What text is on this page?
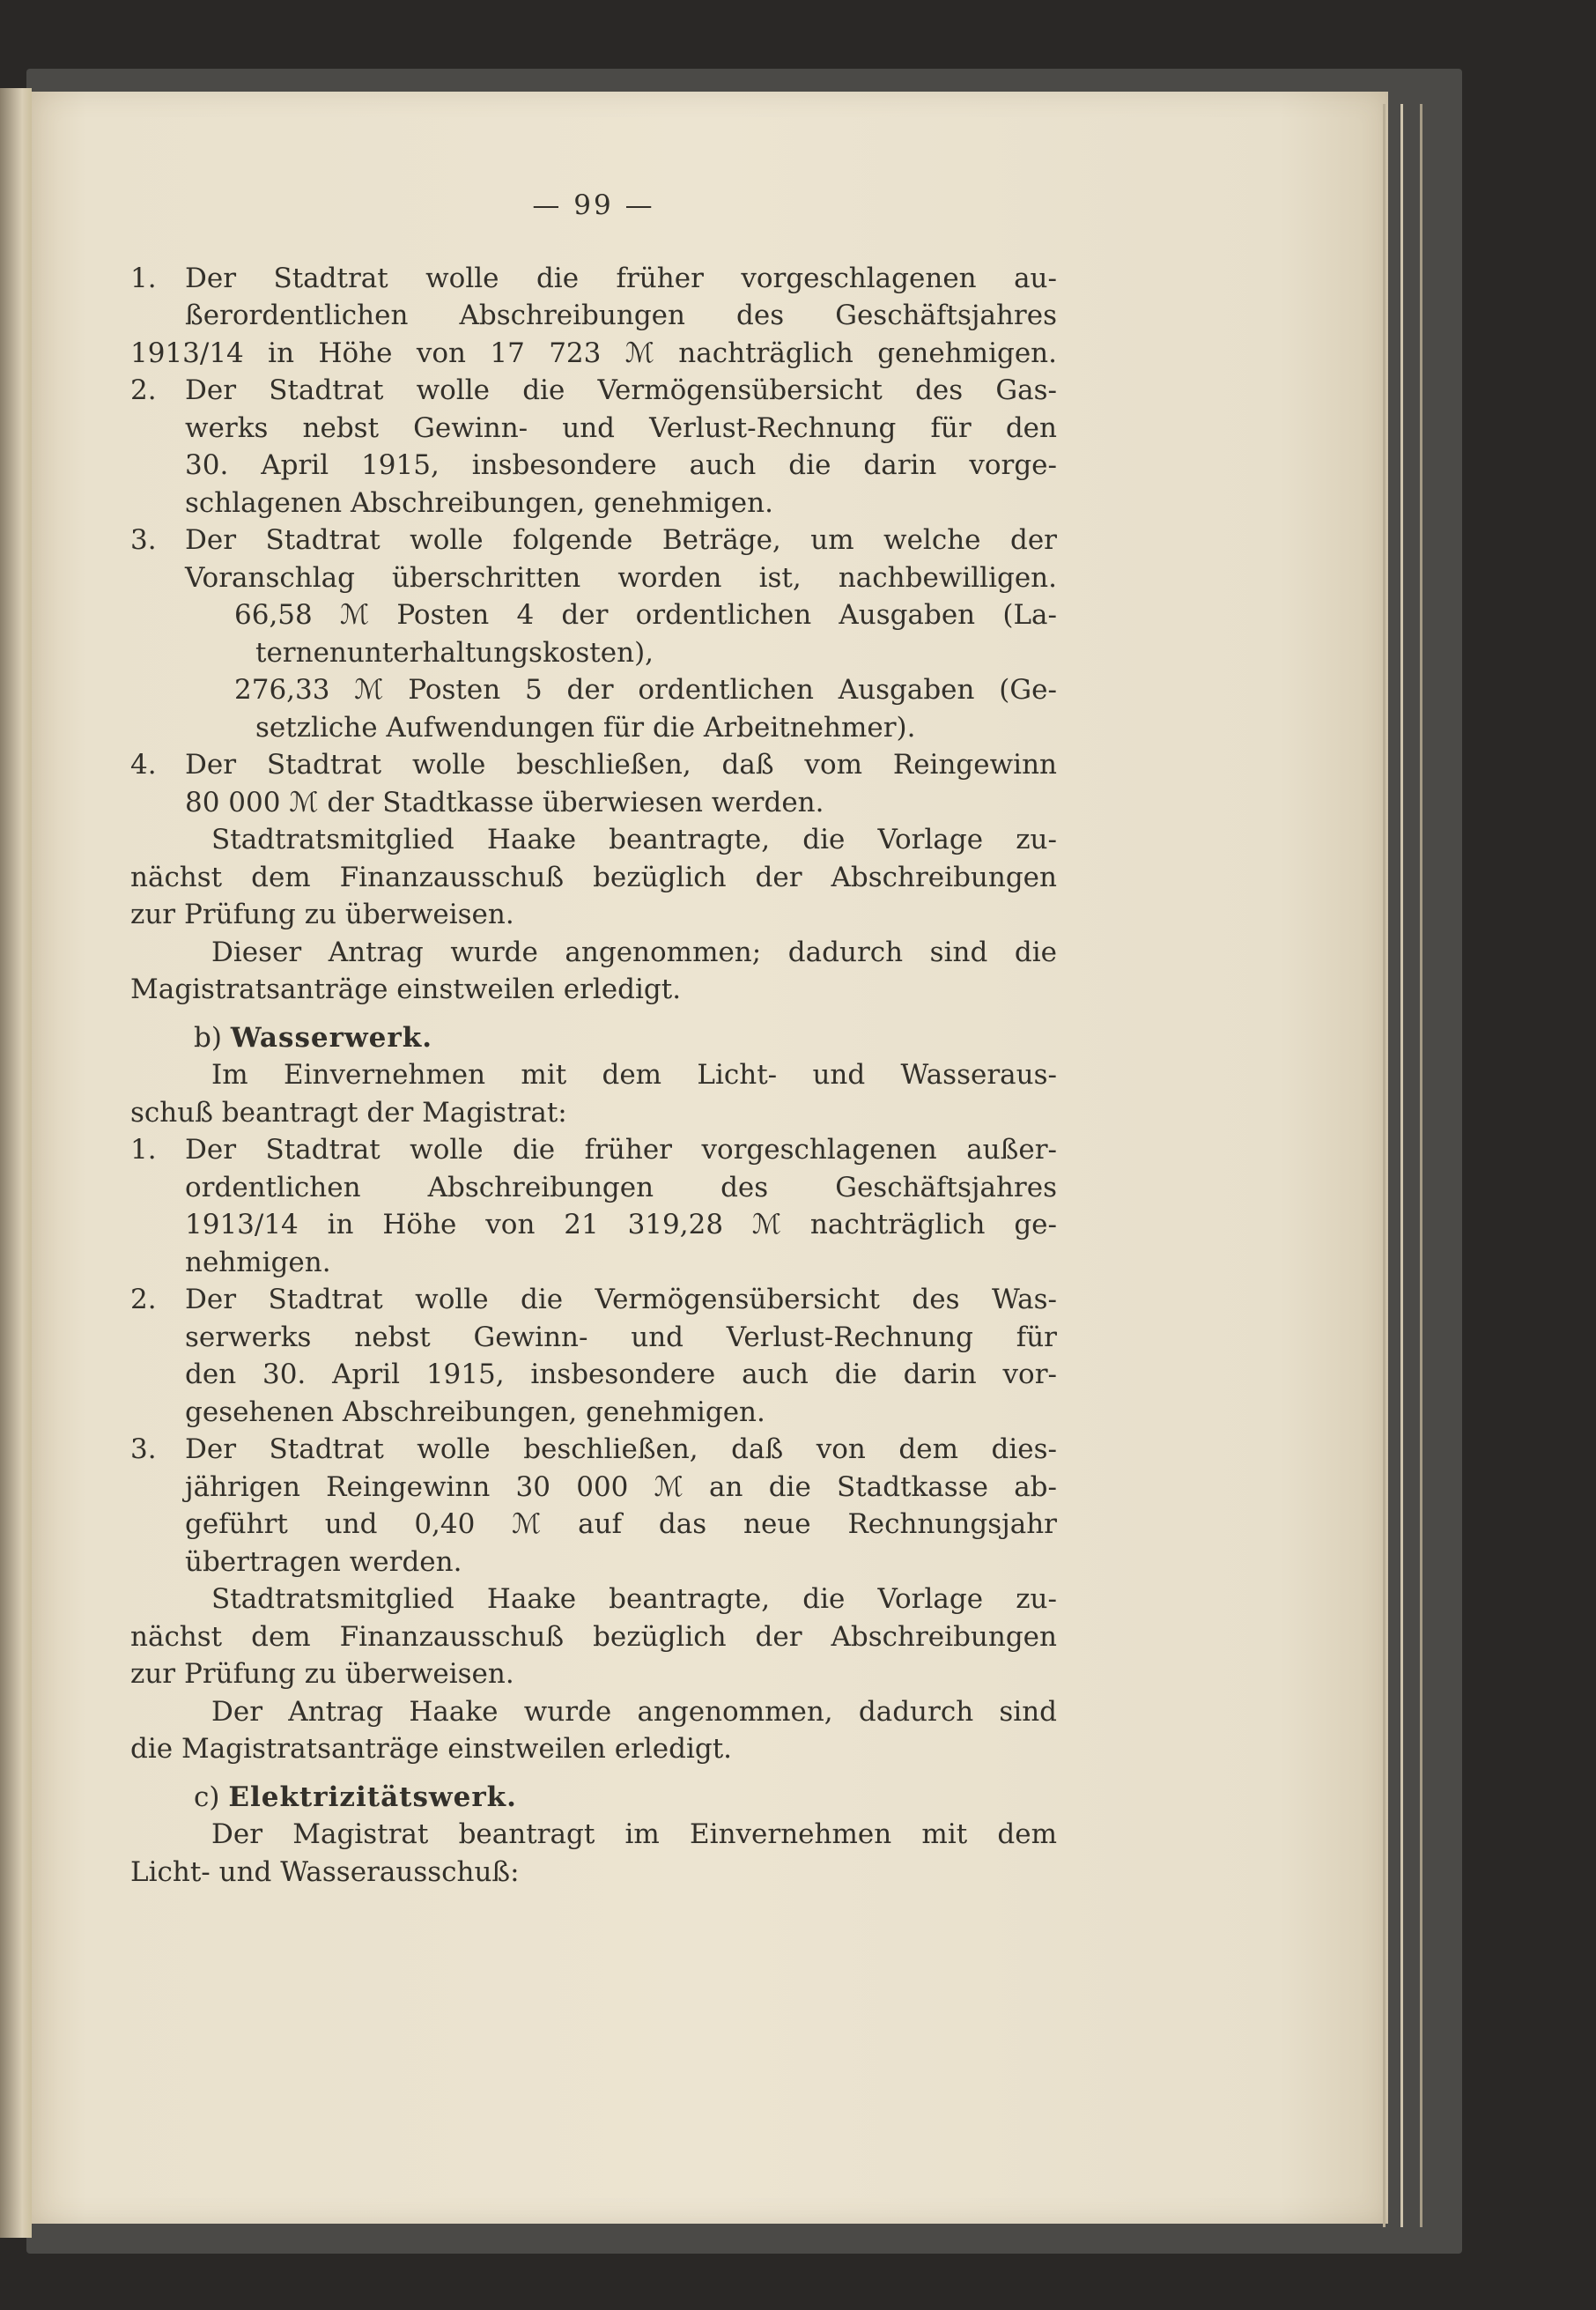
— 99 —
1.	Der Stadtrat wolle die früher vorgeschlagenen au-
ßerordentlichen Abschreibungen des Geschäftsjahres
1913/14 in Höhe von 17 723 ℳ nachträglich genehmigen.
2.	Der Stadtrat wolle die Vermögensübersicht des Gas-
werks nebst Gewinn- und Verlust-Rechnung für den
30. April 1915, insbesondere auch die darin vorge-
schlagenen Abschreibungen, genehmigen.
3.	Der Stadtrat wolle folgende Beträge, um welche der
Voranschlag überschritten worden ist, nachbewilligen.
66,58 ℳ Posten 4 der ordentlichen Ausgaben (La-
ternenunterhaltungskosten),
276,33 ℳ Posten 5 der ordentlichen Ausgaben (Ge-
setzliche Aufwendungen für die Arbeitnehmer).
4.	Der Stadtrat wolle beschließen, daß vom Reingewinn
80 000 ℳ der Stadtkasse überwiesen werden.
Stadtratsmitglied Haake beantragte, die Vorlage zu-
nächst dem Finanzausschuß bezüglich der Abschreibungen
zur Prüfung zu überweisen.
Dieser Antrag wurde angenommen; dadurch sind die
Magistratsanträge einstweilen erledigt.
b) Wasserwerk.
Im Einvernehmen mit dem Licht- und Wasseraus-
schuß beantragt der Magistrat:
1.	Der Stadtrat wolle die früher vorgeschlagenen außer-
ordentlichen Abschreibungen des Geschäftsjahres
1913/14 in Höhe von 21 319,28 ℳ nachträglich ge-
nehmigen.
2.	Der Stadtrat wolle die Vermögensübersicht des Was-
serwerks nebst Gewinn- und Verlust-Rechnung für
den 30. April 1915, insbesondere auch die darin vor-
gesehenen Abschreibungen, genehmigen.
3.	Der Stadtrat wolle beschließen, daß von dem dies-
jährigen Reingewinn 30 000 ℳ an die Stadtkasse ab-
geführt und 0,40 ℳ auf das neue Rechnungsjahr
übertragen werden.
Stadtratsmitglied Haake beantragte, die Vorlage zu-
nächst dem Finanzausschuß bezüglich der Abschreibungen
zur Prüfung zu überweisen.
Der Antrag Haake wurde angenommen, dadurch sind
die Magistratsanträge einstweilen erledigt.
c) Elektrizitätswerk.
Der Magistrat beantragt im Einvernehmen mit dem
Licht- und Wasserausschuß:
